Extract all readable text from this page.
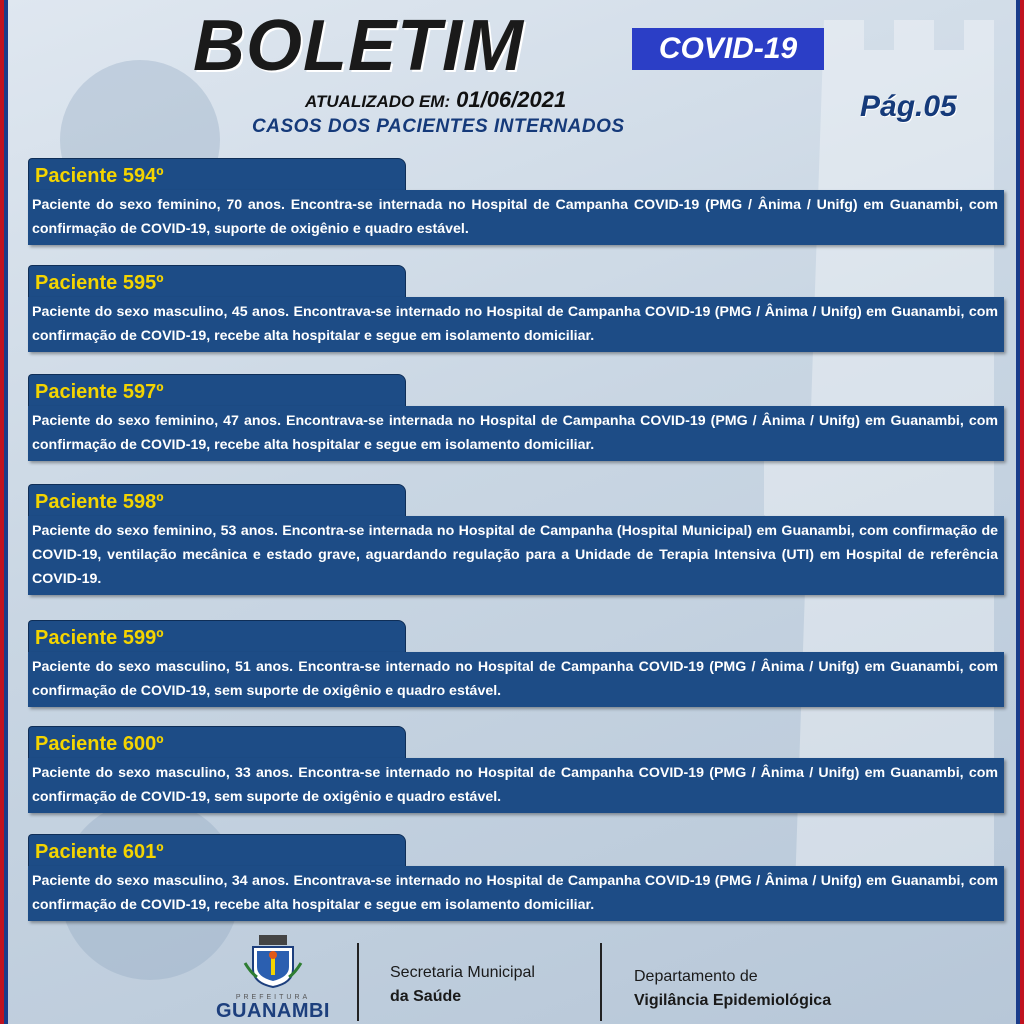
BOLETIM	COVID-19
ATUALIZADO EM: 01/06/2021
CASOS DOS PACIENTES INTERNADOS
Pág.05
Paciente 594º
Paciente do sexo feminino, 70 anos. Encontra-se internada no Hospital de Campanha COVID-19 (PMG / Ânima / Unifg) em Guanambi, com confirmação de COVID-19, suporte de oxigênio e quadro estável.
Paciente 595º
Paciente do sexo masculino, 45 anos. Encontrava-se internado no Hospital de Campanha COVID-19 (PMG / Ânima / Unifg) em Guanambi, com confirmação de COVID-19, recebe alta hospitalar e segue em isolamento domiciliar.
Paciente 597º
Paciente do sexo feminino, 47 anos. Encontrava-se internada no Hospital de Campanha COVID-19 (PMG / Ânima / Unifg) em Guanambi, com confirmação de COVID-19, recebe alta hospitalar e segue em isolamento domiciliar.
Paciente 598º
Paciente do sexo feminino, 53 anos. Encontra-se internada no Hospital de Campanha (Hospital Municipal) em Guanambi, com confirmação de COVID-19, ventilação mecânica e estado grave, aguardando regulação para a Unidade de Terapia Intensiva (UTI) em Hospital de referência COVID-19.
Paciente 599º
Paciente do sexo masculino, 51 anos. Encontra-se internado no Hospital de Campanha COVID-19 (PMG / Ânima / Unifg) em Guanambi, com confirmação de COVID-19, sem suporte de oxigênio e quadro estável.
Paciente 600º
Paciente do sexo masculino, 33 anos. Encontra-se internado no Hospital de Campanha COVID-19 (PMG / Ânima / Unifg) em Guanambi, com confirmação de COVID-19, sem suporte de oxigênio e quadro estável.
Paciente 601º
Paciente do sexo masculino, 34 anos. Encontrava-se internado no Hospital de Campanha COVID-19 (PMG / Ânima / Unifg) em Guanambi, com confirmação de COVID-19, recebe alta hospitalar e segue em isolamento domiciliar.
PREFEITURA
GUANAMBI
Secretaria Municipal
da Saúde
Departamento de
Vigilância Epidemiológica
